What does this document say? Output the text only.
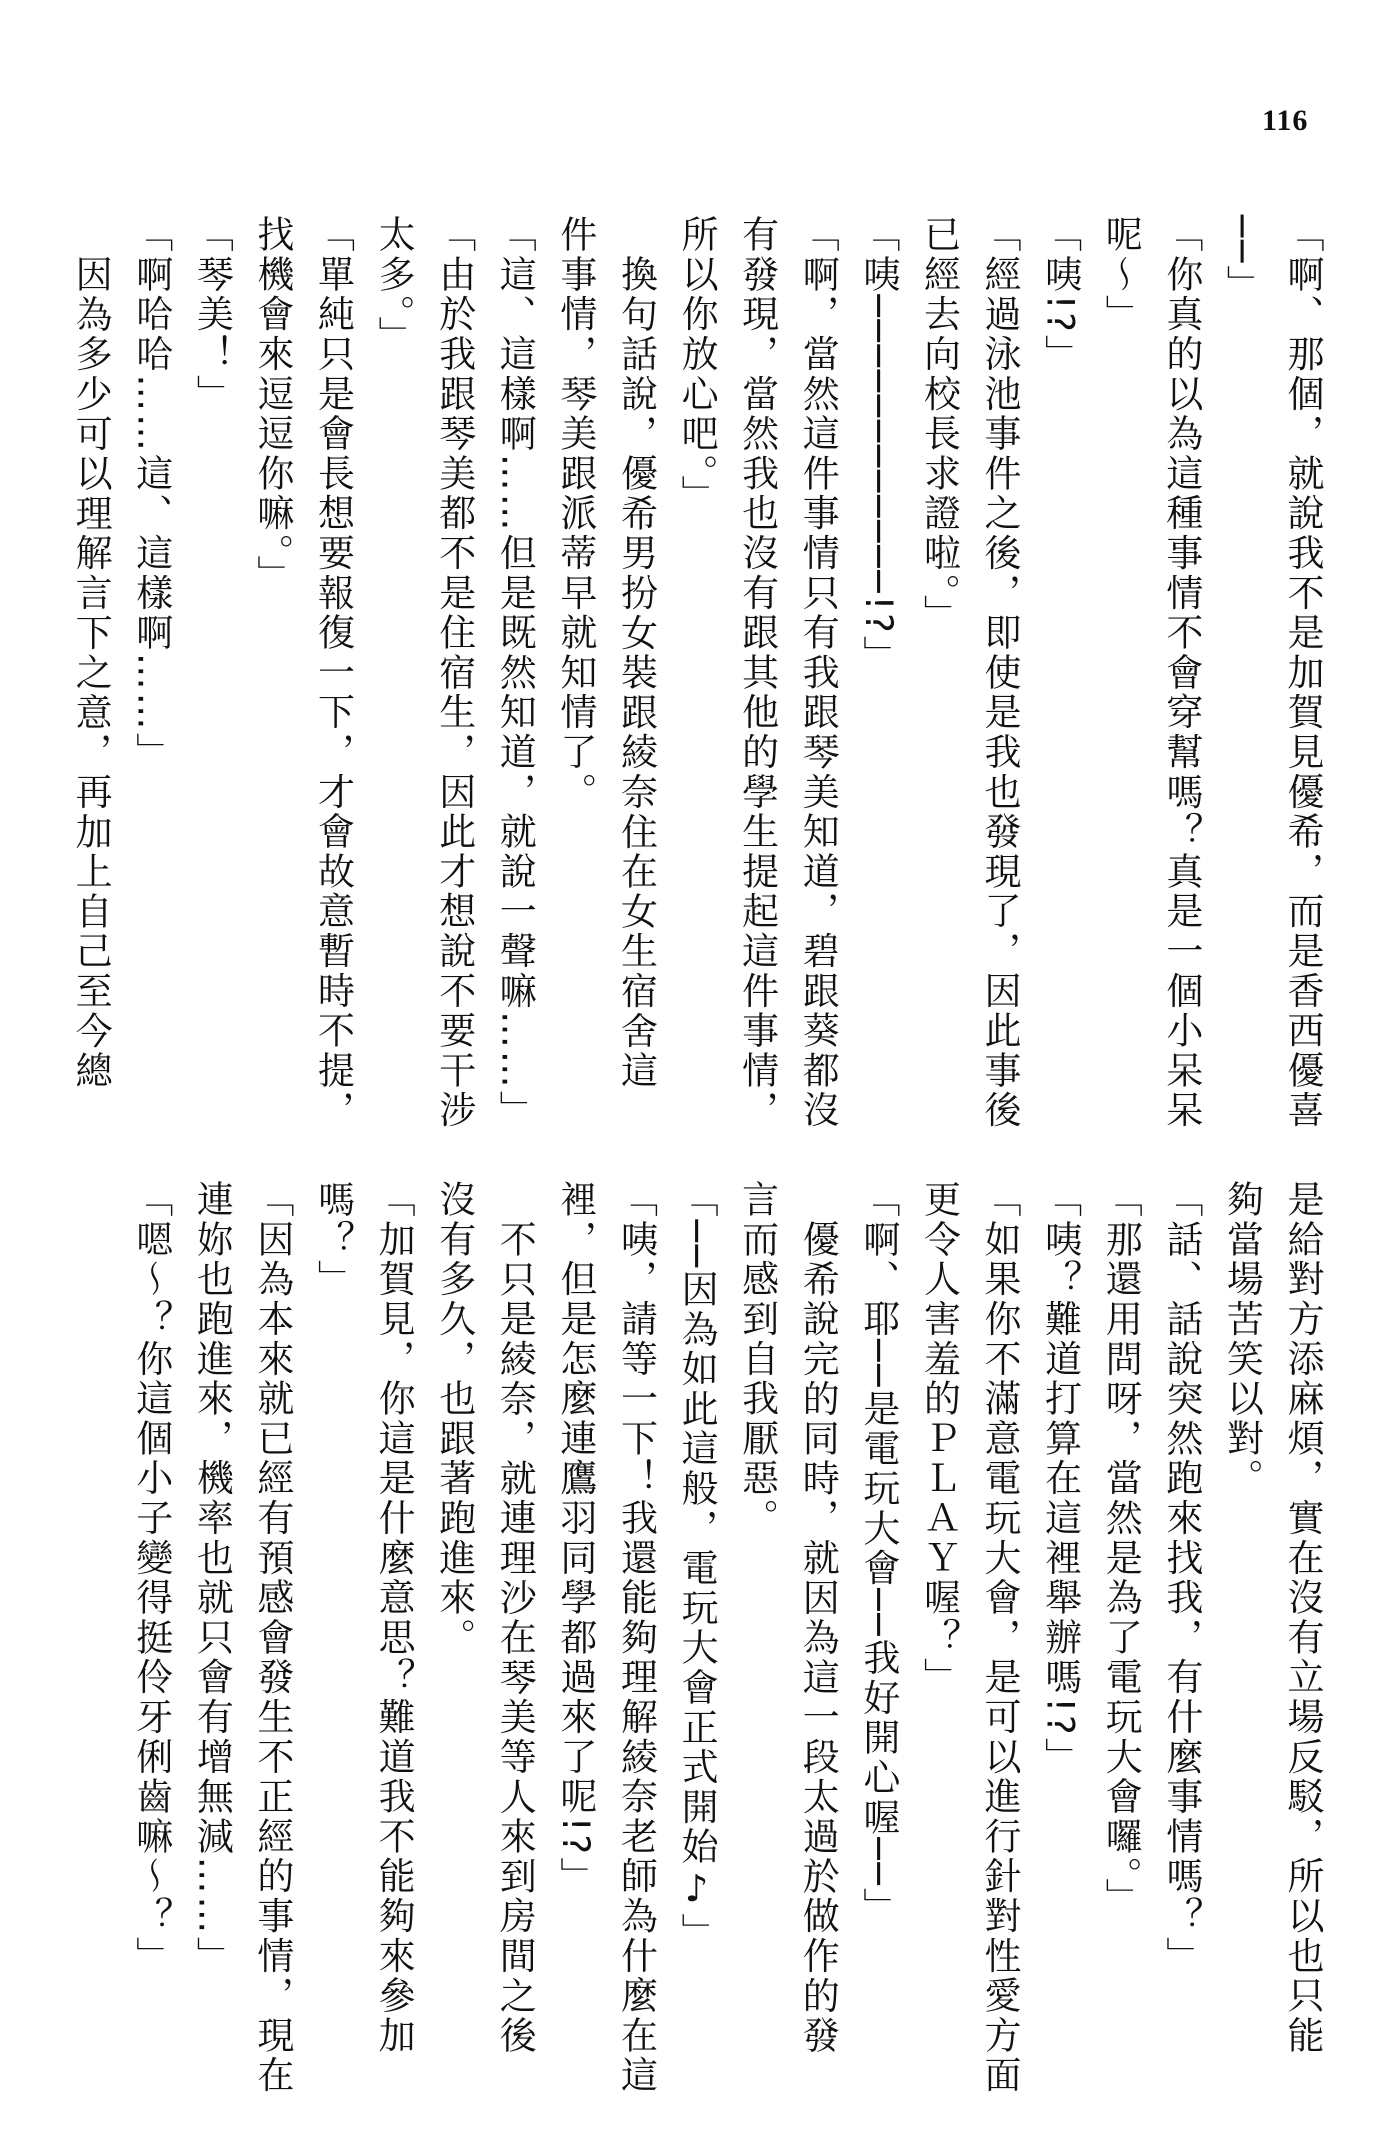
116
「啊、那個，就說我不是加賀見優希，而是香西優喜
──」
「你真的以為這種事情不會穿幫嗎？真是一個小呆呆
呢～」
「咦!?」
「經過泳池事件之後，即使是我也發現了，因此事後
已經去向校長求證啦。」
「咦────────────!?」
「啊，當然這件事情只有我跟琴美知道，碧跟葵都沒
有發現，當然我也沒有跟其他的學生提起這件事情，
所以你放心吧。」
換句話說，優希男扮女裝跟綾奈住在女生宿舍這
件事情，琴美跟派蒂早就知情了。
「這、這樣啊……但是既然知道，就說一聲嘛……」
「由於我跟琴美都不是住宿生，因此才想說不要干涉
太多。」
「單純只是會長想要報復一下，才會故意暫時不提，
找機會來逗逗你嘛。」
「琴美！」
「啊哈哈……這、這樣啊……」
因為多少可以理解言下之意，再加上自己至今總
是給對方添麻煩，實在沒有立場反駁，所以也只能
夠當場苦笑以對。
「話、話說突然跑來找我，有什麼事情嗎？」
「那還用問呀，當然是為了電玩大會囉。」
「咦？難道打算在這裡舉辦嗎!?」
「如果你不滿意電玩大會，是可以進行針對性愛方面
更令人害羞的ＰＬＡＹ喔？」
「啊、耶──是電玩大會──我好開心喔──」
優希說完的同時，就因為這一段太過於做作的發
言而感到自我厭惡。
「──因為如此這般，電玩大會正式開始♪」
「咦，請等一下！我還能夠理解綾奈老師為什麼在這
裡，但是怎麼連鷹羽同學都過來了呢!?」
不只是綾奈，就連理沙在琴美等人來到房間之後
沒有多久，也跟著跑進來。
「加賀見，你這是什麼意思？難道我不能夠來參加
嗎？」
「因為本來就已經有預感會發生不正經的事情，現在
連妳也跑進來，機率也就只會有增無減……」
「嗯～？你這個小子變得挺伶牙俐齒嘛～？」
